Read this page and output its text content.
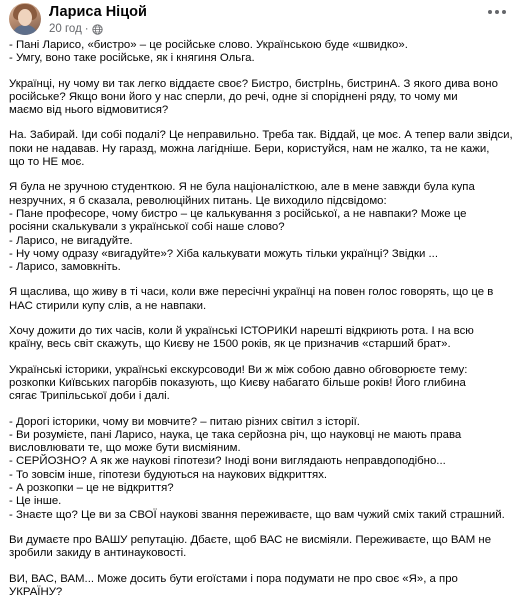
Лариса Ніцой
20 год ·

- Пані Ларисо, «бистро» – це російське слово. Українською буде «швидко».
- Умгу, воно таке російське, як і княгиня Ольга.

Українці, ну чому ви так легко віддаєте своє? Бистро, бистрІнь, бистринА. З якого дива воно
російське? Якщо вони його у нас сперли, до речі, одне зі споріднені ряду, то чому ми
маємо від нього відмовитися?

На. Забирай. Іди собі подалі? Це неправильно. Треба так. Віддай, це моє. А тепер вали звідси,
поки не надавав. Ну гаразд, можна лагідніше. Бери, користуйся, нам не жалко, та не кажи,
що то НЕ моє.

Я була не зручною студенткою. Я не була націоналісткою, але в мене завжди була купа
незручних, я б сказала, революційних питань. Це виходило підсвідомо:
- Пане професоре, чому бистро – це калькування з російської, а не навпаки? Може це
росіяни скалькували з української собі наше слово?
- Ларисо, не вигадуйте.
- Ну чому одразу «вигадуйте»? Хіба калькувати можуть тільки українці? Звідки ...
- Ларисо, замовкніть.

Я щаслива, що живу в ті часи, коли вже пересічні українці на повен голос говорять, що це в
НАС стирили купу слів, а не навпаки.

Хочу дожити до тих часів, коли й українські ІСТОРИКИ нарешті відкриють рота. І на всю
країну, весь світ скажуть, що Києву не 1500 років, як це призначив «старший брат».

Українські історики, українські екскурсоводи! Ви ж між собою давно обговорюєте тему:
розкопки Київських пагорбів показують, що Києву набагато більше років! Його глибина
сягає Трипільської доби і далі.

- Дорогі історики, чому ви мовчите? – питаю різних світил з історії.
- Ви розумієте, пані Ларисо, наука, це така серйозна річ, що науковці не мають права
висловлювати те, що може бути висміяним.
- СЕРЙОЗНО? А як же наукові гіпотези? Іноді вони виглядають неправдоподібно...
- То зовсім інше, гіпотези будуються на наукових відкриттях.
- А розкопки – це не відкриття?
- Це інше.
- Знаєте що? Це ви за СВОЇ наукові звання переживаєте, що вам чужий сміх такий страшний.

Ви думаєте про ВАШУ репутацію. Дбаєте, щоб ВАС не висміяли. Переживаєте, що ВАМ не
зробили закиду в антинауковості.

ВИ, ВАС, ВАМ... Може досить бути егоїстами і пора подумати не про своє «Я», а про
УКРАЇНУ?
